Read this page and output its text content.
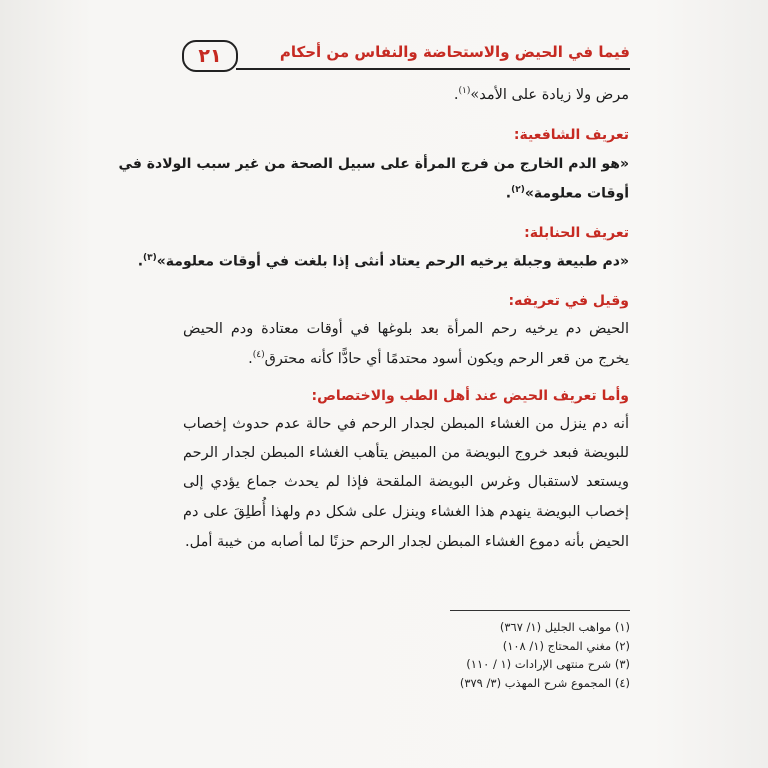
٢١	فيما في الحيض والاستحاضة والنفاس من أحكام
مرض ولا زيادة على الأمد»$^{(١)}$.
تعريف الشافعية:
«هو الدم الخارج من فرج المرأة على سبيل الصحة من غير سبب الولادة في
أوقات معلومة»$^{(٢)}$.
تعريف الحنابلة:
«دم طبيعة وجبلة يرخيه الرحم يعتاد أنثى إذا بلغت في أوقات معلومة»$^{(٣)}$.
وقيل في تعريفه:
الحيض دم يرخيه رحم المرأة بعد بلوغها في أوقات معتادة ودم الحيض
يخرج من قعر الرحم ويكون أسود محتدمًا أي حادًّا كأنه محترق$^{(٤)}$.
وأما تعريف الحيض عند أهل الطب والاختصاص:
أنه دم ينزل من الغشاء المبطن لجدار الرحم في حالة عدم حدوث إخصاب
للبويضة فبعد خروج البويضة من المبيض يتأهب الغشاء المبطن لجدار الرحم
ويستعد لاستقبال وغرس البويضة الملقحة فإذا لم يحدث جماع يؤدي إلى
إخصاب البويضة ينهدم هذا الغشاء وينزل على شكل دم ولهذا أُطلِقَ على دم
الحيض بأنه دموع الغشاء المبطن لجدار الرحم حزنًا لما أصابه من خيبة أمل.
(١) مواهب الجليل (١/ ٣٦٧)
(٢) مغني المحتاج (١/ ١٠٨)
(٣) شرح منتهى الإرادات (١ / ١١٠)
(٤) المجموع شرح المهذب (٣/ ٣٧٩)
